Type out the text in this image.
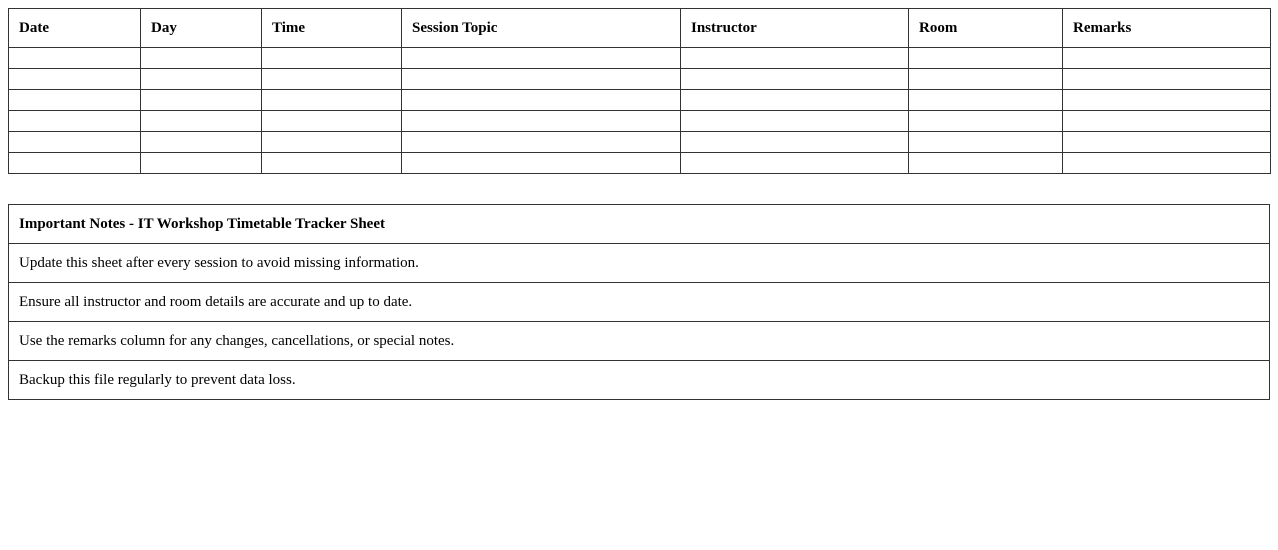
Date	Day	Time	Session Topic	Instructor	Room	Remarks

Important Notes - IT Workshop Timetable Tracker Sheet
Update this sheet after every session to avoid missing information.
Ensure all instructor and room details are accurate and up to date.
Use the remarks column for any changes, cancellations, or special notes.
Backup this file regularly to prevent data loss.
